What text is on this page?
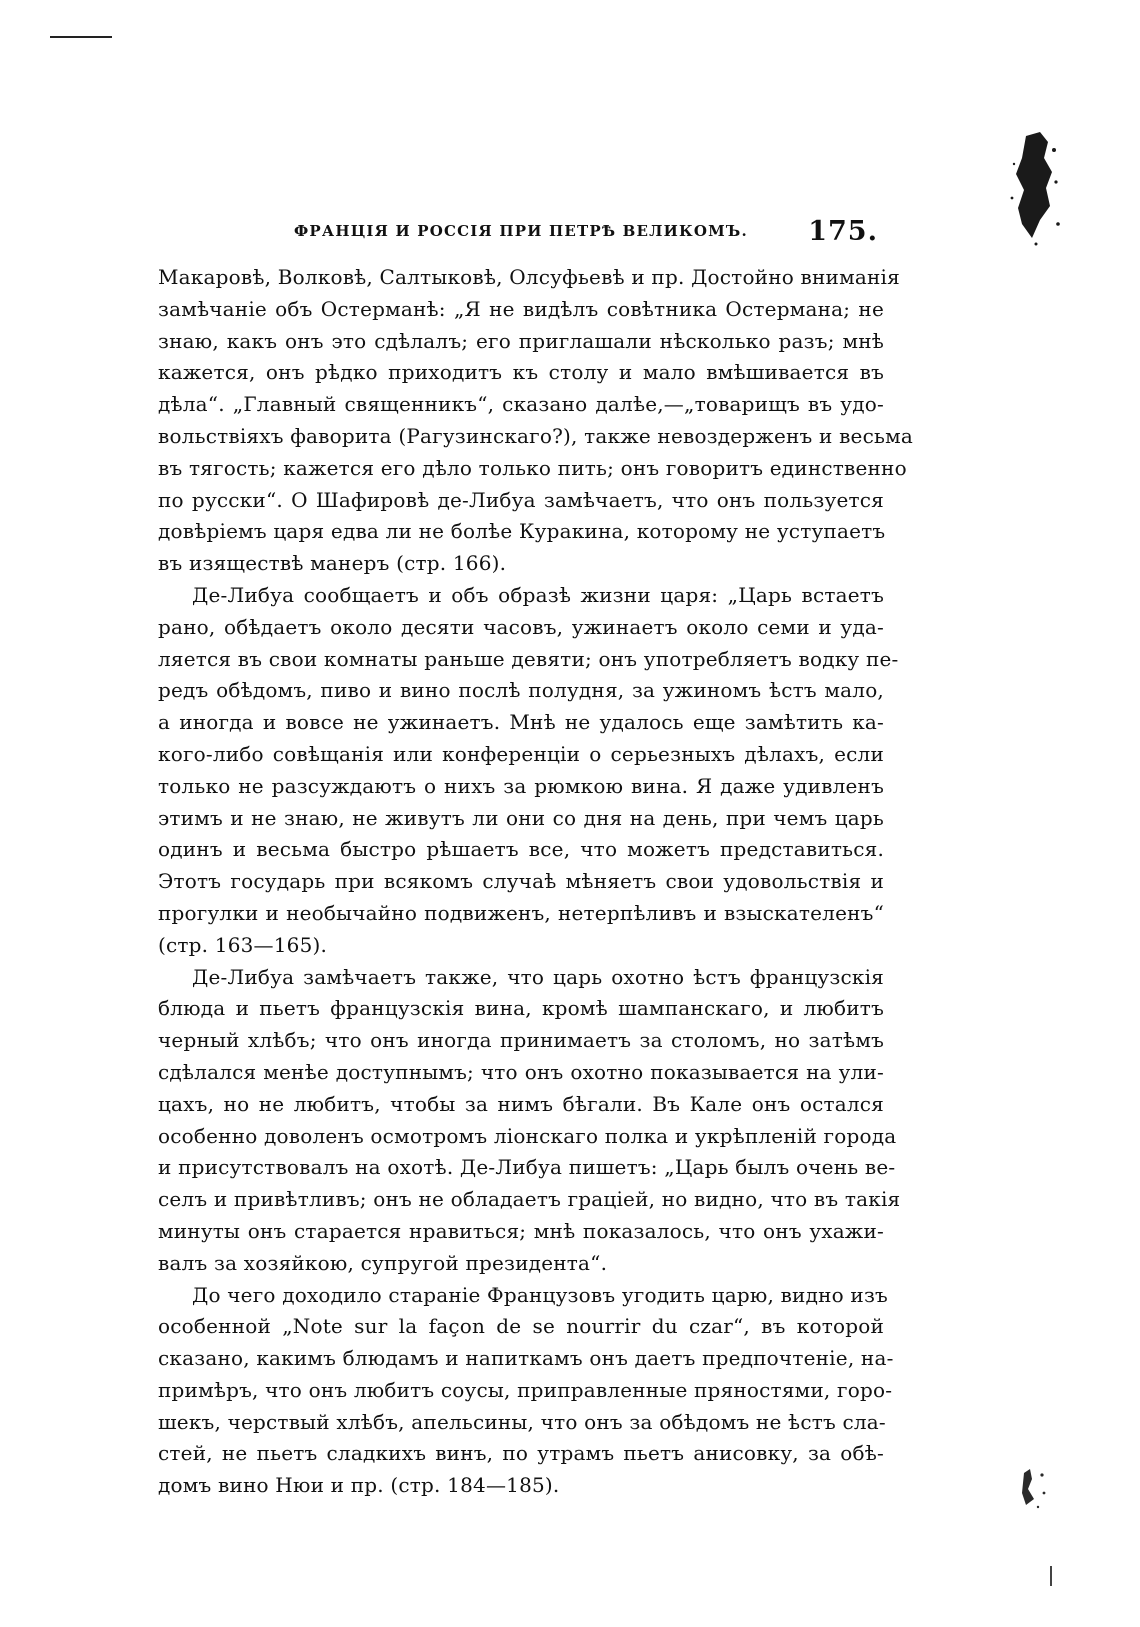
ФРАНЦІЯ И РОССІЯ ПРИ ПЕТРѢ ВЕЛИКОМЪ. 175.
Макаровѣ, Волковѣ, Салтыковѣ, Олсуфьевѣ и пр. Достойно вниманія
замѣчаніе объ Остерманѣ: „Я не видѣлъ совѣтника Остермана; не
знаю, какъ онъ это сдѣлалъ; его приглашали нѣсколько разъ; мнѣ
кажется, онъ рѣдко приходитъ къ столу и мало вмѣшивается въ
дѣла“. „Главный священникъ“, сказано далѣе,—„товарищъ въ удо-
вольствіяхъ фаворита (Рагузинскаго?), также невоздерженъ и весьма
въ тягость; кажется его дѣло только пить; онъ говоритъ единственно
по русски“. О Шафировѣ де-Либуа замѣчаетъ, что онъ пользуется
довѣріемъ царя едва ли не болѣе Куракина, которому не уступаетъ
въ изяществѣ манеръ (стр. 166).
Де-Либуа сообщаетъ и объ образѣ жизни царя: „Царь встаетъ
рано, обѣдаетъ около десяти часовъ, ужинаетъ около семи и уда-
ляется въ свои комнаты раньше девяти; онъ употребляетъ водку пе-
редъ обѣдомъ, пиво и вино послѣ полудня, за ужиномъ ѣстъ мало,
а иногда и вовсе не ужинаетъ. Мнѣ не удалось еще замѣтить ка-
кого-либо совѣщанія или конференціи о серьезныхъ дѣлахъ, если
только не разсуждаютъ о нихъ за рюмкою вина. Я даже удивленъ
этимъ и не знаю, не живутъ ли они со дня на день, при чемъ царь
одинъ и весьма быстро рѣшаетъ все, что можетъ представиться.
Этотъ государь при всякомъ случаѣ мѣняетъ свои удовольствія и
прогулки и необычайно подвиженъ, нетерпѣливъ и взыскателенъ“
(стр. 163—165).
Де-Либуа замѣчаетъ также, что царь охотно ѣстъ французскія
блюда и пьетъ французскія вина, кромѣ шампанскаго, и любитъ
черный хлѣбъ; что онъ иногда принимаетъ за столомъ, но затѣмъ
сдѣлался менѣе доступнымъ; что онъ охотно показывается на ули-
цахъ, но не любитъ, чтобы за нимъ бѣгали. Въ Кале онъ остался
особенно доволенъ осмотромъ ліонскаго полка и укрѣпленій города
и присутствовалъ на охотѣ. Де-Либуа пишетъ: „Царь былъ очень ве-
селъ и привѣтливъ; онъ не обладаетъ граціей, но видно, что въ такія
минуты онъ старается нравиться; мнѣ показалось, что онъ ухажи-
валъ за хозяйкою, супругой президента“.
До чего доходило стараніе Французовъ угодить царю, видно изъ
особенной „Note sur la façon de se nourrir du czar“, въ которой
сказано, какимъ блюдамъ и напиткамъ онъ даетъ предпочтеніе, на-
примѣръ, что онъ любитъ соусы, приправленные пряностями, горо-
шекъ, черствый хлѣбъ, апельсины, что онъ за обѣдомъ не ѣстъ сла-
стей, не пьетъ сладкихъ винъ, по утрамъ пьетъ анисовку, за обѣ-
домъ вино Нюи и пр. (стр. 184—185).
